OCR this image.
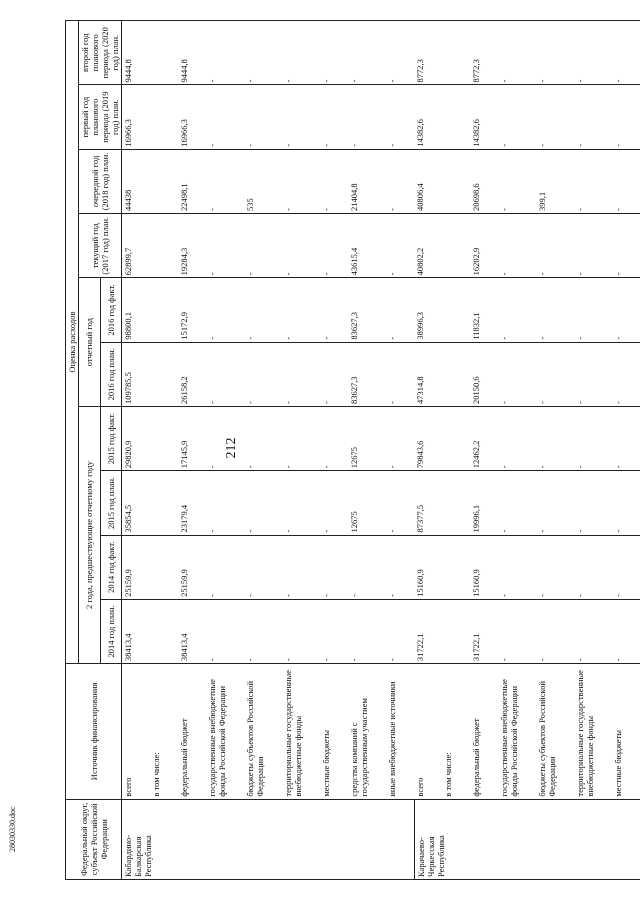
212
Федеральный округ, субъект Российской Федерации	Источник финансирования	Оценка расходов									
		2 года, предшествующие отчетному году				отчетный год		текущий год (2017 год) план.	очередной год (2018 год) план.	первый год планового периода (2019 год) план.	второй год планового периода (2020 год) план.
		2014 год план.	2014 год факт.	2015 год план.	2015 год факт.	2016 год план.	2016 год факт.				
Кабардино-Балкарская Республика	всего	38413,4	25159,9	35854,5	29820,9	109785,5	98800,1	62899,7	44438	16966,3	9444,8
	в том числе:										
	федеральный бюджет	38413,4	25159,9	23179,4	17145,9	26158,2	15172,9	19284,3	22498,1	16966,3	9444,8
	государственные внебюджетные фонды Российской Федерации	-	-	-	-	-	-	-	-	-	-
	бюджеты субъектов Российской Федерации	-	-	-	-	-	-	-	535	-	-
	территориальные государственные внебюджетные фонды	-	-	-	-	-	-	-	-	-	-
	местные бюджеты	-	-	-	-	-	-	-	-	-	-
	средства компаний с государственным участием	-	-	12675	12675	83627,3	83627,3	43615,4	21404,8	-	-
	иные внебюджетные источники	-	-	-	-	-	-	-	-	-	-
Карачаево-Черкесская Республика	всего	31722,1	15160,9	87377,5	79843,6	47314,8	38996,3	40802,2	40806,4	14382,6	8772,3
	в том числе:										
	федеральный бюджет	31722,1	15160,9	19996,1	12462,2	20150,6	11832,1	16202,9	20698,6	14382,6	8772,3
	государственные внебюджетные фонды Российской Федерации	-	-	-	-	-	-	-	-	-	-
	бюджеты субъектов Российской Федерации	-	-	-	-	-	-	-	399,1	-	-
	территориальные государственные внебюджетные фонды	-	-	-	-	-	-	-	-	-	-
	местные бюджеты	-	-	-	-	-	-	-	-	-	-
28030330.doc
